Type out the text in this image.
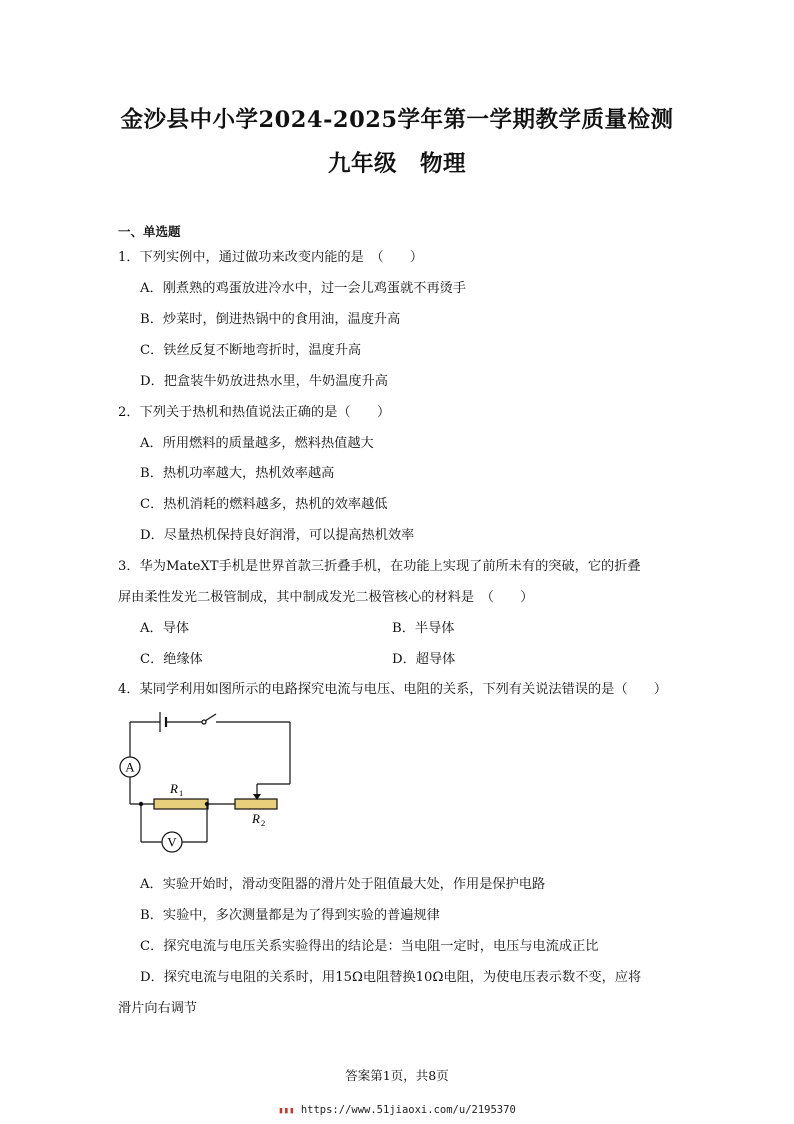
金沙县中小学2024-2025学年第一学期教学质量检测
九年级　物理
一、单选题
1．下列实例中，通过做功来改变内能的是　（　　）
A．刚煮熟的鸡蛋放进冷水中，过一会儿鸡蛋就不再烫手
B．炒菜时，倒进热锅中的食用油，温度升高
C．铁丝反复不断地弯折时，温度升高
D．把盒装牛奶放进热水里，牛奶温度升高
2．下列关于热机和热值说法正确的是（　　）
A．所用燃料的质量越多，燃料热值越大
B．热机功率越大，热机效率越高
C．热机消耗的燃料越多，热机的效率越低
D．尽量热机保持良好润滑，可以提高热机效率
3．华为MateXT手机是世界首款三折叠手机，在功能上实现了前所未有的突破，它的折叠
屏由柔性发光二极管制成，其中制成发光二极管核心的材料是　（　　）
A．导体	B．半导体
C．绝缘体	D．超导体
4．某同学利用如图所示的电路探究电流与电压、电阻的关系，下列有关说法错误的是（　　）
A
V
R 1
R 2
A．实验开始时，滑动变阻器的滑片处于阻值最大处，作用是保护电路
B．实验中，多次测量都是为了得到实验的普遍规律
C．探究电流与电压关系实验得出的结论是：当电阻一定时，电压与电流成正比
D．探究电流与电阻的关系时，用15Ω电阻替换10Ω电阻，为使电压表示数不变，应将
滑片向右调节
答案第1页，共8页
▮▮▮ https://www.51jiaoxi.com/u/2195370
